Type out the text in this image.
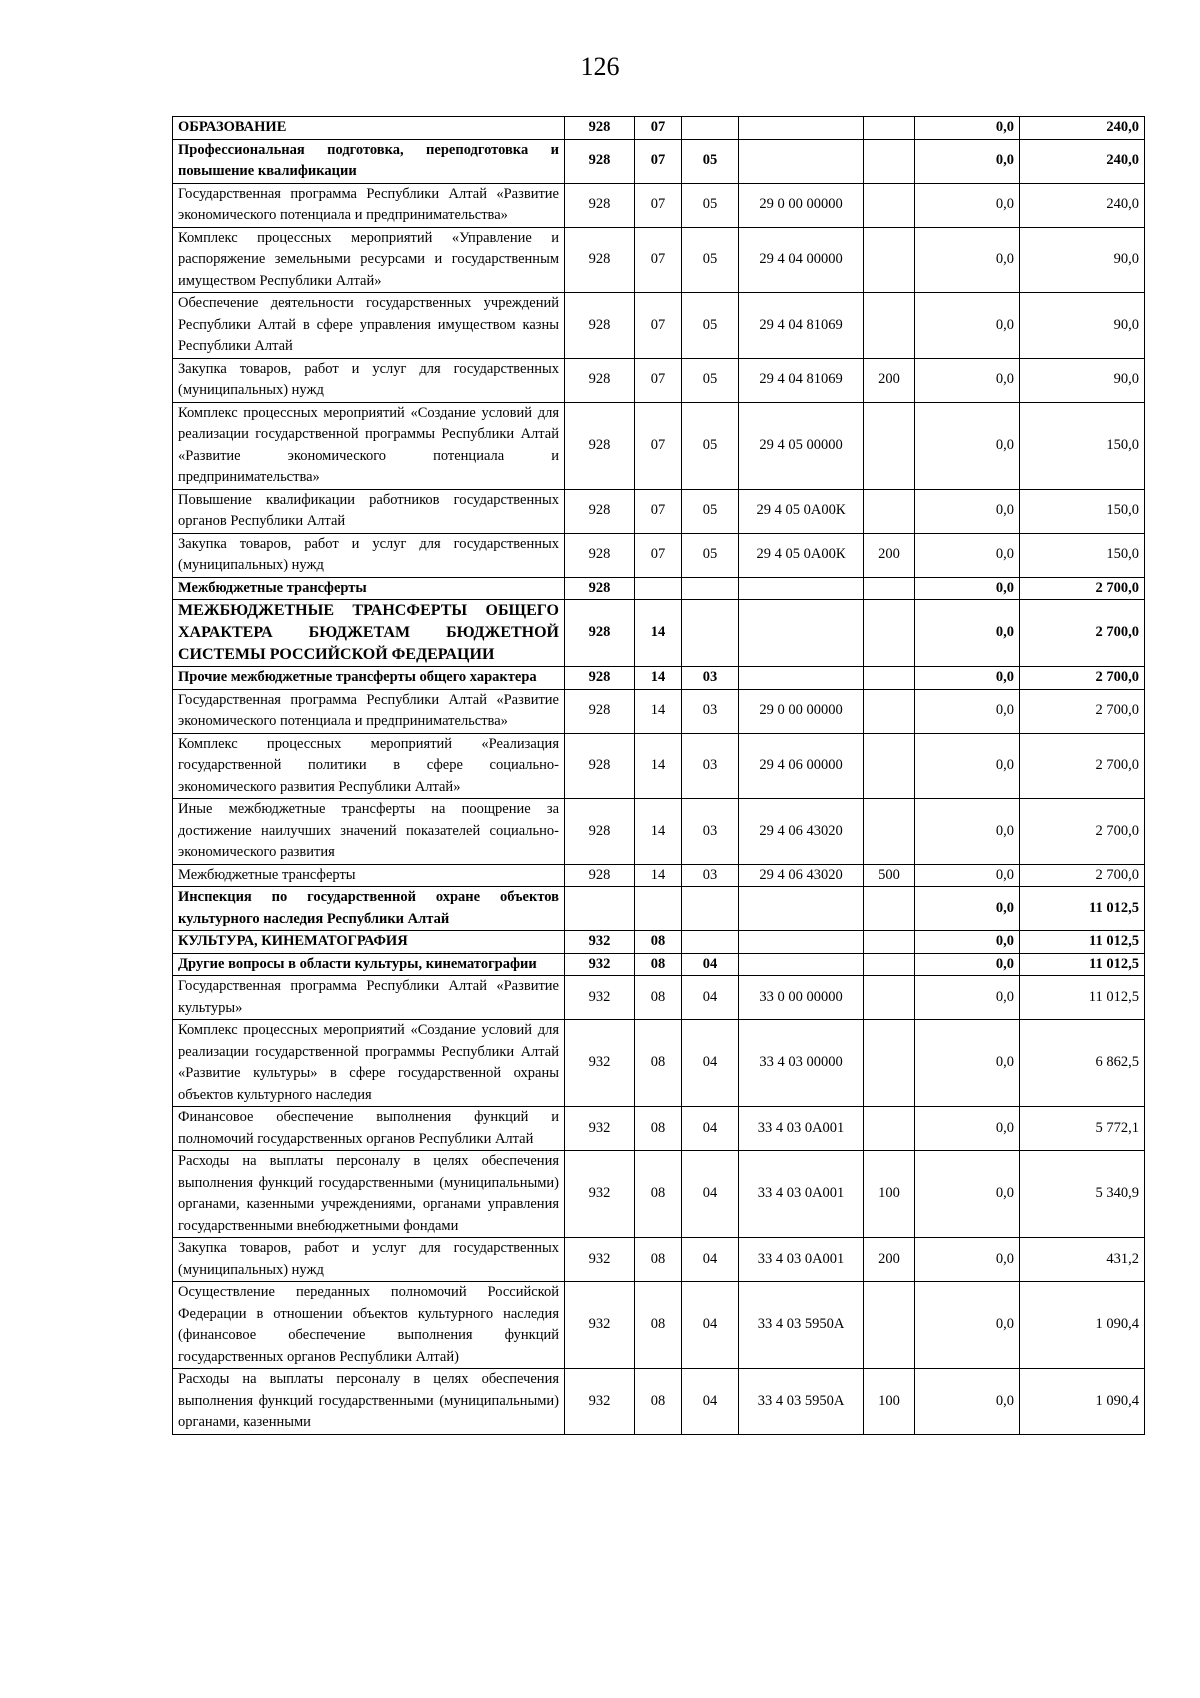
126
ОБРАЗОВАНИЕ	928	07				0,0	240,0
Профессиональная подготовка, переподготовка и повышение квалификации	928	07	05			0,0	240,0
Государственная программа Республики Алтай «Развитие экономического потенциала и предпринимательства»	928	07	05	29 0 00 00000		0,0	240,0
Комплекс процессных мероприятий «Управление и распоряжение земельными ресурсами и государственным имуществом Республики Алтай»	928	07	05	29 4 04 00000		0,0	90,0
Обеспечение деятельности государственных учреждений Республики Алтай в сфере управления имуществом казны Республики Алтай	928	07	05	29 4 04 81069		0,0	90,0
Закупка товаров, работ и услуг для государственных (муниципальных) нужд	928	07	05	29 4 04 81069	200	0,0	90,0
Комплекс процессных мероприятий «Создание условий для реализации государственной программы Республики Алтай «Развитие экономического потенциала и предпринимательства»	928	07	05	29 4 05 00000		0,0	150,0
Повышение квалификации работников государственных органов Республики Алтай	928	07	05	29 4 05 0А00К		0,0	150,0
Закупка товаров, работ и услуг для государственных (муниципальных) нужд	928	07	05	29 4 05 0А00К	200	0,0	150,0
Межбюджетные трансферты	928					0,0	2 700,0
МЕЖБЮДЖЕТНЫЕ ТРАНСФЕРТЫ ОБЩЕГО ХАРАКТЕРА БЮДЖЕТАМ БЮДЖЕТНОЙ СИСТЕМЫ РОССИЙСКОЙ ФЕДЕРАЦИИ	928	14				0,0	2 700,0
Прочие межбюджетные трансферты общего характера	928	14	03			0,0	2 700,0
Государственная программа Республики Алтай «Развитие экономического потенциала и предпринимательства»	928	14	03	29 0 00 00000		0,0	2 700,0
Комплекс процессных мероприятий «Реализация государственной политики в сфере социально-экономического развития Республики Алтай»	928	14	03	29 4 06 00000		0,0	2 700,0
Иные межбюджетные трансферты на поощрение за достижение наилучших значений показателей социально-экономического развития	928	14	03	29 4 06 43020		0,0	2 700,0
Межбюджетные трансферты	928	14	03	29 4 06 43020	500	0,0	2 700,0
Инспекция по государственной охране объектов культурного наследия Республики Алтай						0,0	11 012,5
КУЛЬТУРА, КИНЕМАТОГРАФИЯ	932	08				0,0	11 012,5
Другие вопросы в области культуры, кинематографии	932	08	04			0,0	11 012,5
Государственная программа Республики Алтай «Развитие культуры»	932	08	04	33 0 00 00000		0,0	11 012,5
Комплекс процессных мероприятий «Создание условий для реализации государственной программы Республики Алтай «Развитие культуры» в сфере государственной охраны объектов культурного наследия	932	08	04	33 4 03 00000		0,0	6 862,5
Финансовое обеспечение выполнения функций и полномочий государственных органов Республики Алтай	932	08	04	33 4 03 0А001		0,0	5 772,1
Расходы на выплаты персоналу в целях обеспечения выполнения функций государственными (муниципальными) органами, казенными учреждениями, органами управления государственными внебюджетными фондами	932	08	04	33 4 03 0А001	100	0,0	5 340,9
Закупка товаров, работ и услуг для государственных (муниципальных) нужд	932	08	04	33 4 03 0А001	200	0,0	431,2
Осуществление переданных полномочий Российской Федерации в отношении объектов культурного наследия (финансовое обеспечение выполнения функций государственных органов Республики Алтай)	932	08	04	33 4 03 5950А		0,0	1 090,4
Расходы на выплаты персоналу в целях обеспечения выполнения функций государственными (муниципальными) органами, казенными	932	08	04	33 4 03 5950А	100	0,0	1 090,4
